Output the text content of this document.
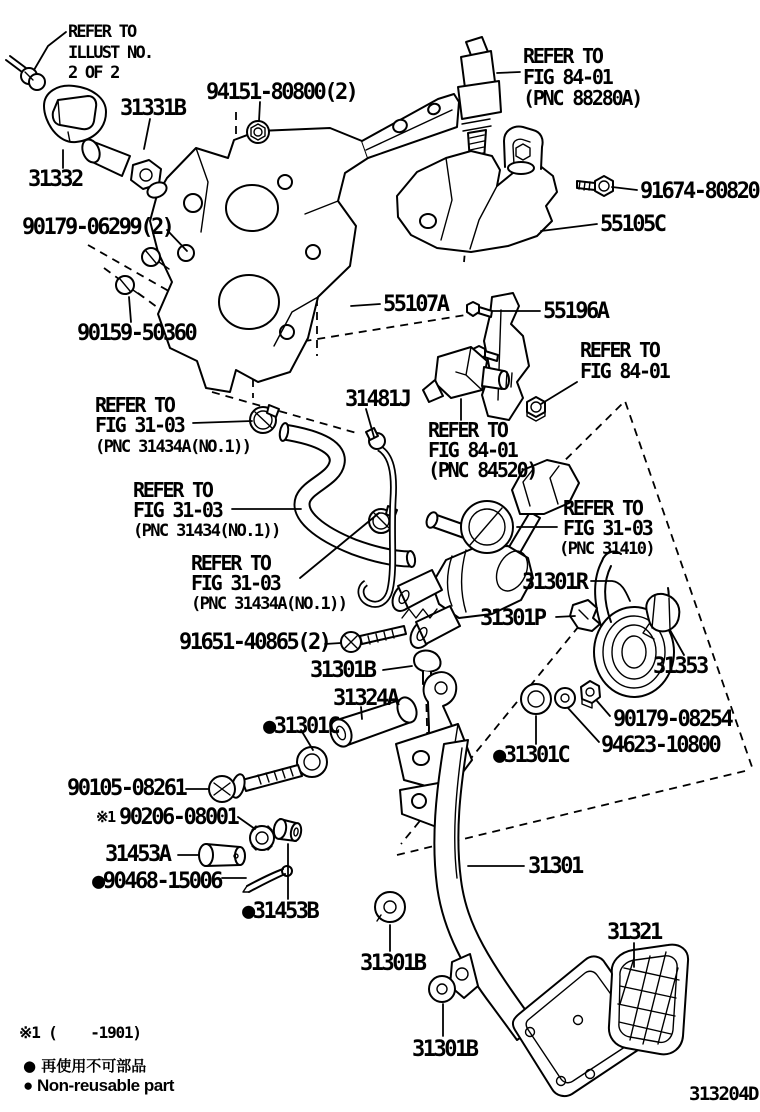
REFER TO
ILLUST NO.
2 OF 2
31331B
94151-80800(2)
31332
90179-06299(2)
90159-50360
REFER TO
FIG 84-01
(PNC 88280A)
91674-80820
55105C
55107A	55196A
REFER TO
FIG 84-01
31481J
REFER TO
FIG 31-03
(PNC 31434A(NO.1))
REFER TO
FIG 84-01
(PNC 84520)
REFER TO
FIG 31-03
(PNC 31434(NO.1))
REFER TO
FIG 31-03
(PNC 31410)
REFER TO
FIG 31-03
(PNC 31434A(NO.1))
91651-40865(2)
31301R
31301P
31353
31301B
31324A
●31301C
●31301C
90179-08254
94623-10800
90105-08261
※1 90206-08001
31453A
●90468-15006
●31453B
31301
31321
31301B
31301B
※1 (    -1901)
● 再使用不可部品
● Non-reusable part	313204D
